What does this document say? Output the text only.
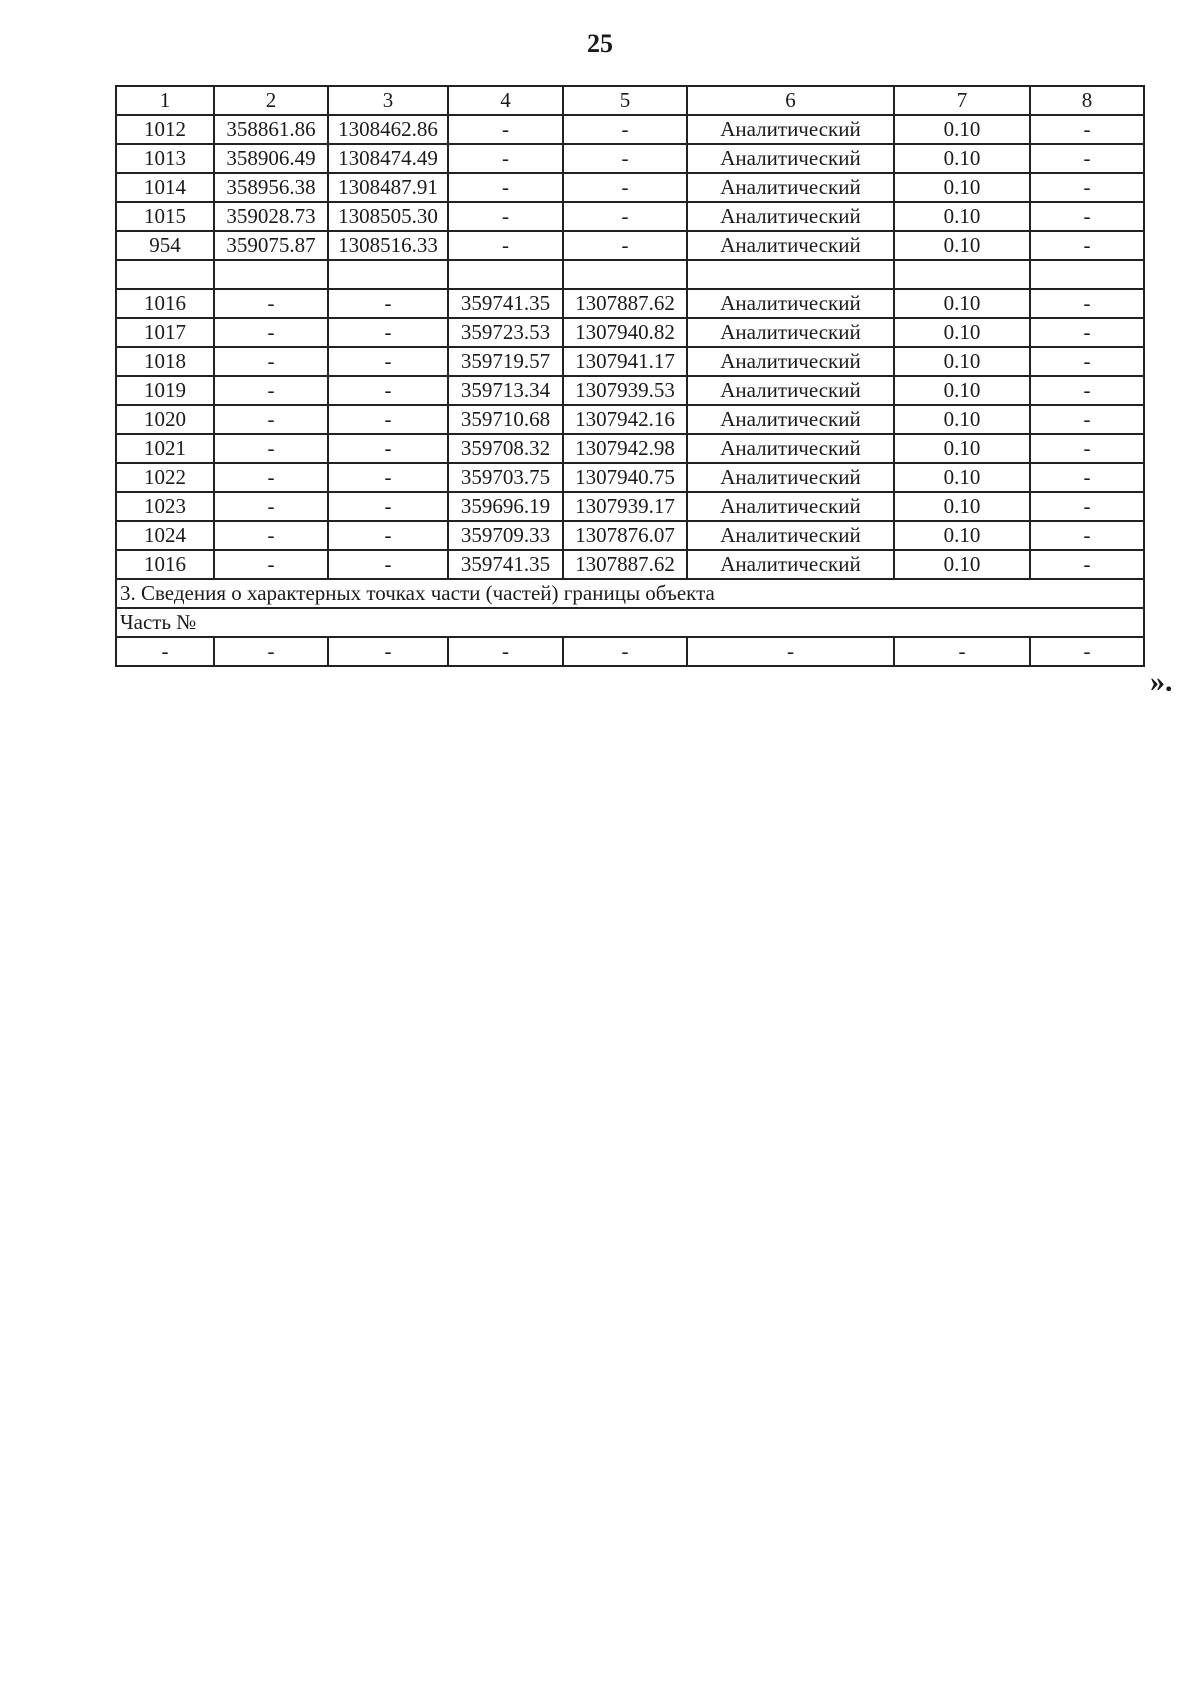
25
1	2	3	4	5	6	7	8
1012	358861.86	1308462.86	-	-	Аналитический	0.10	-
1013	358906.49	1308474.49	-	-	Аналитический	0.10	-
1014	358956.38	1308487.91	-	-	Аналитический	0.10	-
1015	359028.73	1308505.30	-	-	Аналитический	0.10	-
954	359075.87	1308516.33	-	-	Аналитический	0.10	-

1016	-	-	359741.35	1307887.62	Аналитический	0.10	-
1017	-	-	359723.53	1307940.82	Аналитический	0.10	-
1018	-	-	359719.57	1307941.17	Аналитический	0.10	-
1019	-	-	359713.34	1307939.53	Аналитический	0.10	-
1020	-	-	359710.68	1307942.16	Аналитический	0.10	-
1021	-	-	359708.32	1307942.98	Аналитический	0.10	-
1022	-	-	359703.75	1307940.75	Аналитический	0.10	-
1023	-	-	359696.19	1307939.17	Аналитический	0.10	-
1024	-	-	359709.33	1307876.07	Аналитический	0.10	-
1016	-	-	359741.35	1307887.62	Аналитический	0.10	-
3. Сведения о характерных точках части (частей) границы объекта							
Часть №							
-	-	-	-	-	-	-	-
».
